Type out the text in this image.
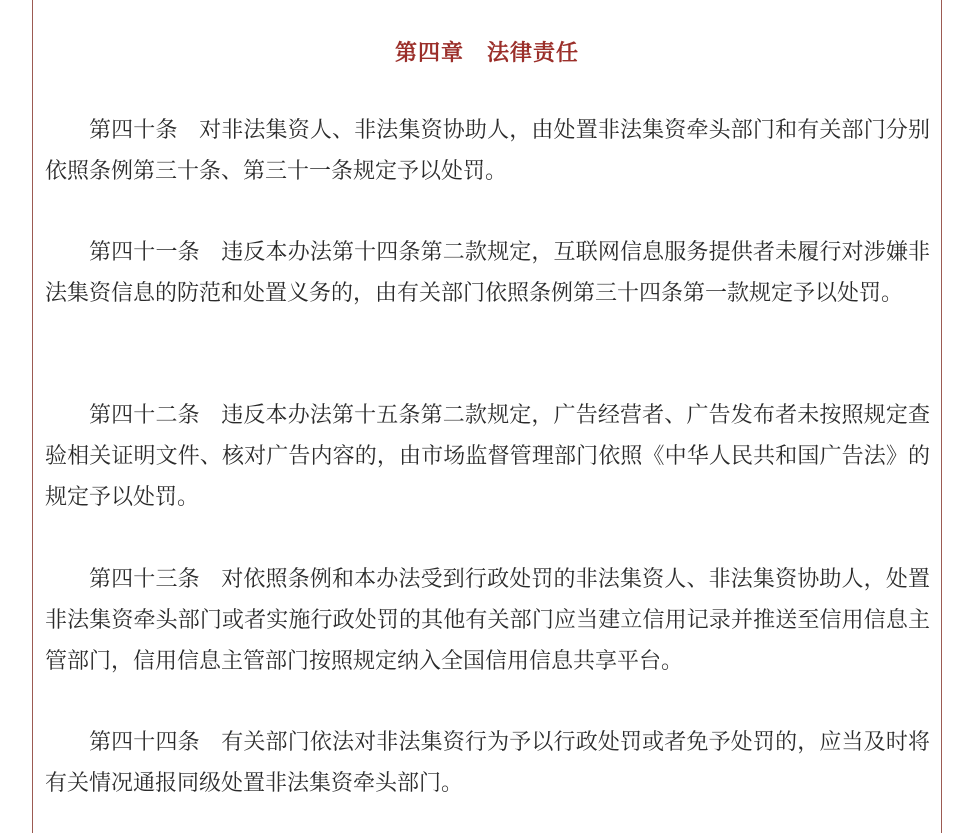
第四章　法律责任

第四十条 对非法集资人、非法集资协助人，由处置非法集资牵头部门和有关部门分别依照条例第三十条、第三十一条规定予以处罚。

第四十一条 违反本办法第十四条第二款规定，互联网信息服务提供者未履行对涉嫌非法集资信息的防范和处置义务的，由有关部门依照条例第三十四条第一款规定予以处罚。

第四十二条 违反本办法第十五条第二款规定，广告经营者、广告发布者未按照规定查验相关证明文件、核对广告内容的，由市场监督管理部门依照《中华人民共和国广告法》的规定予以处罚。

第四十三条 对依照条例和本办法受到行政处罚的非法集资人、非法集资协助人，处置非法集资牵头部门或者实施行政处罚的其他有关部门应当建立信用记录并推送至信用信息主管部门，信用信息主管部门按照规定纳入全国信用信息共享平台。

第四十四条 有关部门依法对非法集资行为予以行政处罚或者免予处罚的，应当及时将有关情况通报同级处置非法集资牵头部门。
